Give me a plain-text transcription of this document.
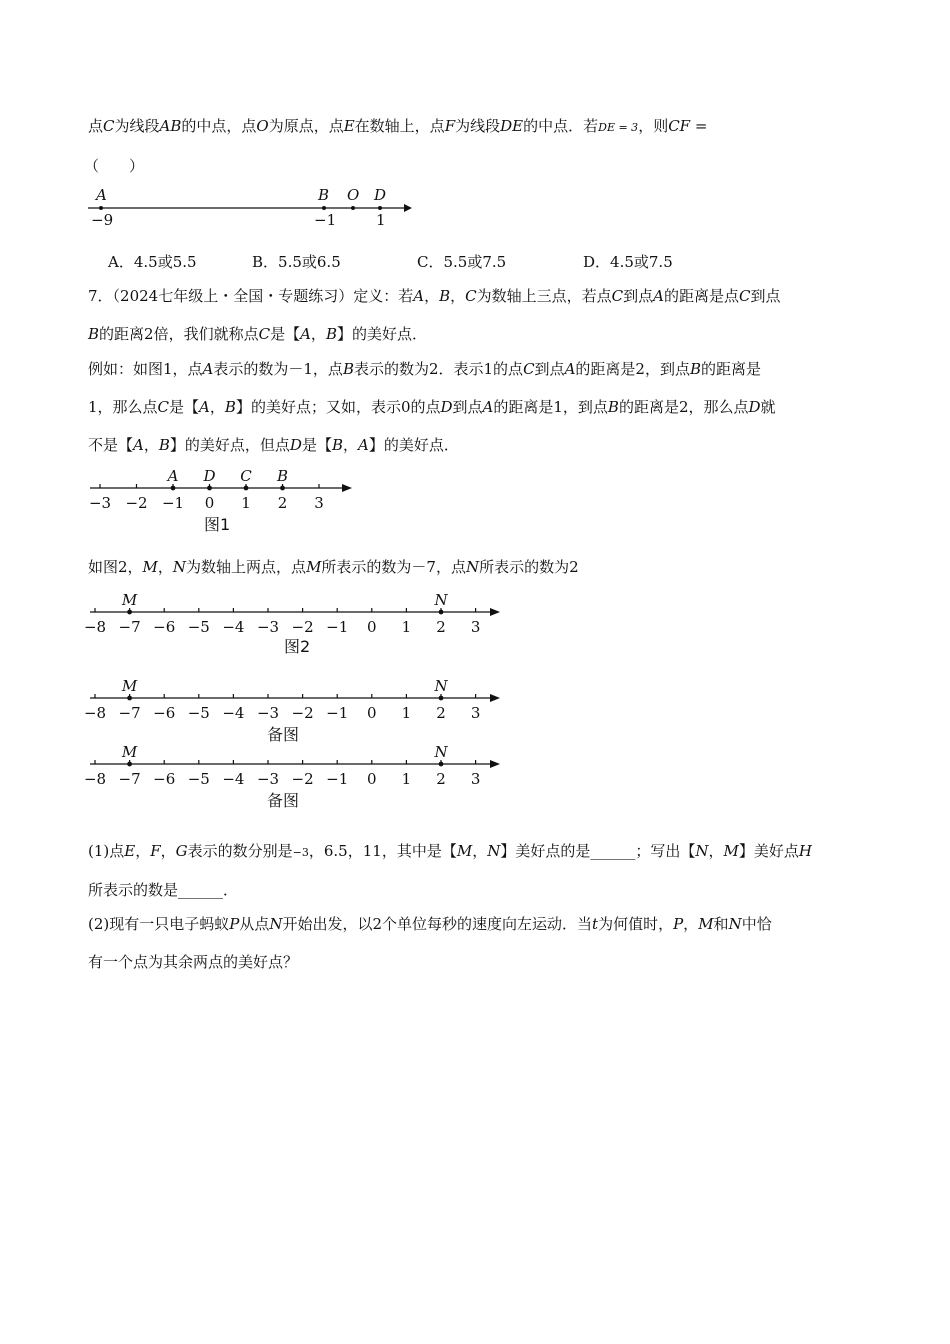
点C为线段AB的中点，点O为原点，点E在数轴上，点F为线段DE的中点．若DE = 3，则CF =
（　　）
A	B O D
−9	−1	1
A．4.5或5.5	B．5.5或6.5	C．5.5或7.5	D．4.5或7.5
7．（2024七年级上・全国・专题练习）定义：若A，B，C为数轴上三点，若点C到点A的距离是点C到点
B的距离2倍，我们就称点C是【A，B】的美好点．
例如：如图1，点A表示的数为－1，点B表示的数为2．表示1的点C到点A的距离是2，到点B的距离是
1，那么点C是【A，B】的美好点；又如，表示0的点D到点A的距离是1，到点B的距离是2，那么点D就
不是【A，B】的美好点，但点D是【B，A】的美好点．
−3 −2 −1 0 1 2 3
A D C B
图1
如图2，M，N为数轴上两点，点M所表示的数为－7，点N所表示的数为2
−8 −7 −6 −5 −4 −3 −2 −1 0 1 2 3
M	N
图2
−8 −7 −6 −5 −4 −3 −2 −1 0 1 2 3
M	N
备图
−8 −7 −6 −5 −4 −3 −2 −1 0 1 2 3
M	N
备图
(1)点E，F，G表示的数分别是−3，6.5，11，其中是【M，N】美好点的是______；写出【N，M】美好点H
所表示的数是______．
(2)现有一只电子蚂蚁P从点N开始出发，以2个单位每秒的速度向左运动．当t为何值时，P，M和N中恰
有一个点为其余两点的美好点？
